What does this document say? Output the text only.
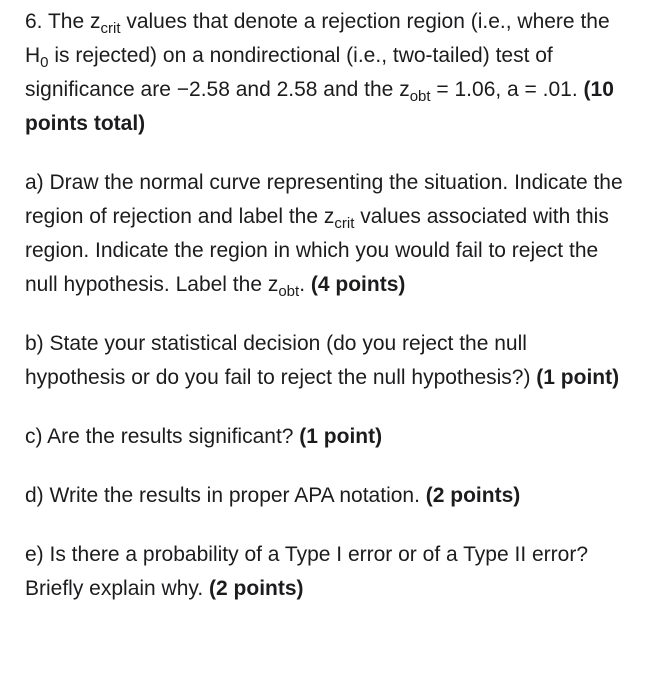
6. The $z_{crit}$ values that denote a rejection region (i.e., where the $H_0$ is rejected) on a nondirectional (i.e., two-tailed) test of significance are −2.58 and 2.58 and the $z_{obt} = 1.06$, a = .01. (10 points total)

a) Draw the normal curve representing the situation. Indicate the region of rejection and label the $z_{crit}$ values associated with this region. Indicate the region in which you would fail to reject the null hypothesis. Label the $z_{obt}$. (4 points)

b) State your statistical decision (do you reject the null hypothesis or do you fail to reject the null hypothesis?) (1 point)

c) Are the results significant? (1 point)

d) Write the results in proper APA notation. (2 points)

e) Is there a probability of a Type I error or of a Type II error? Briefly explain why. (2 points)
